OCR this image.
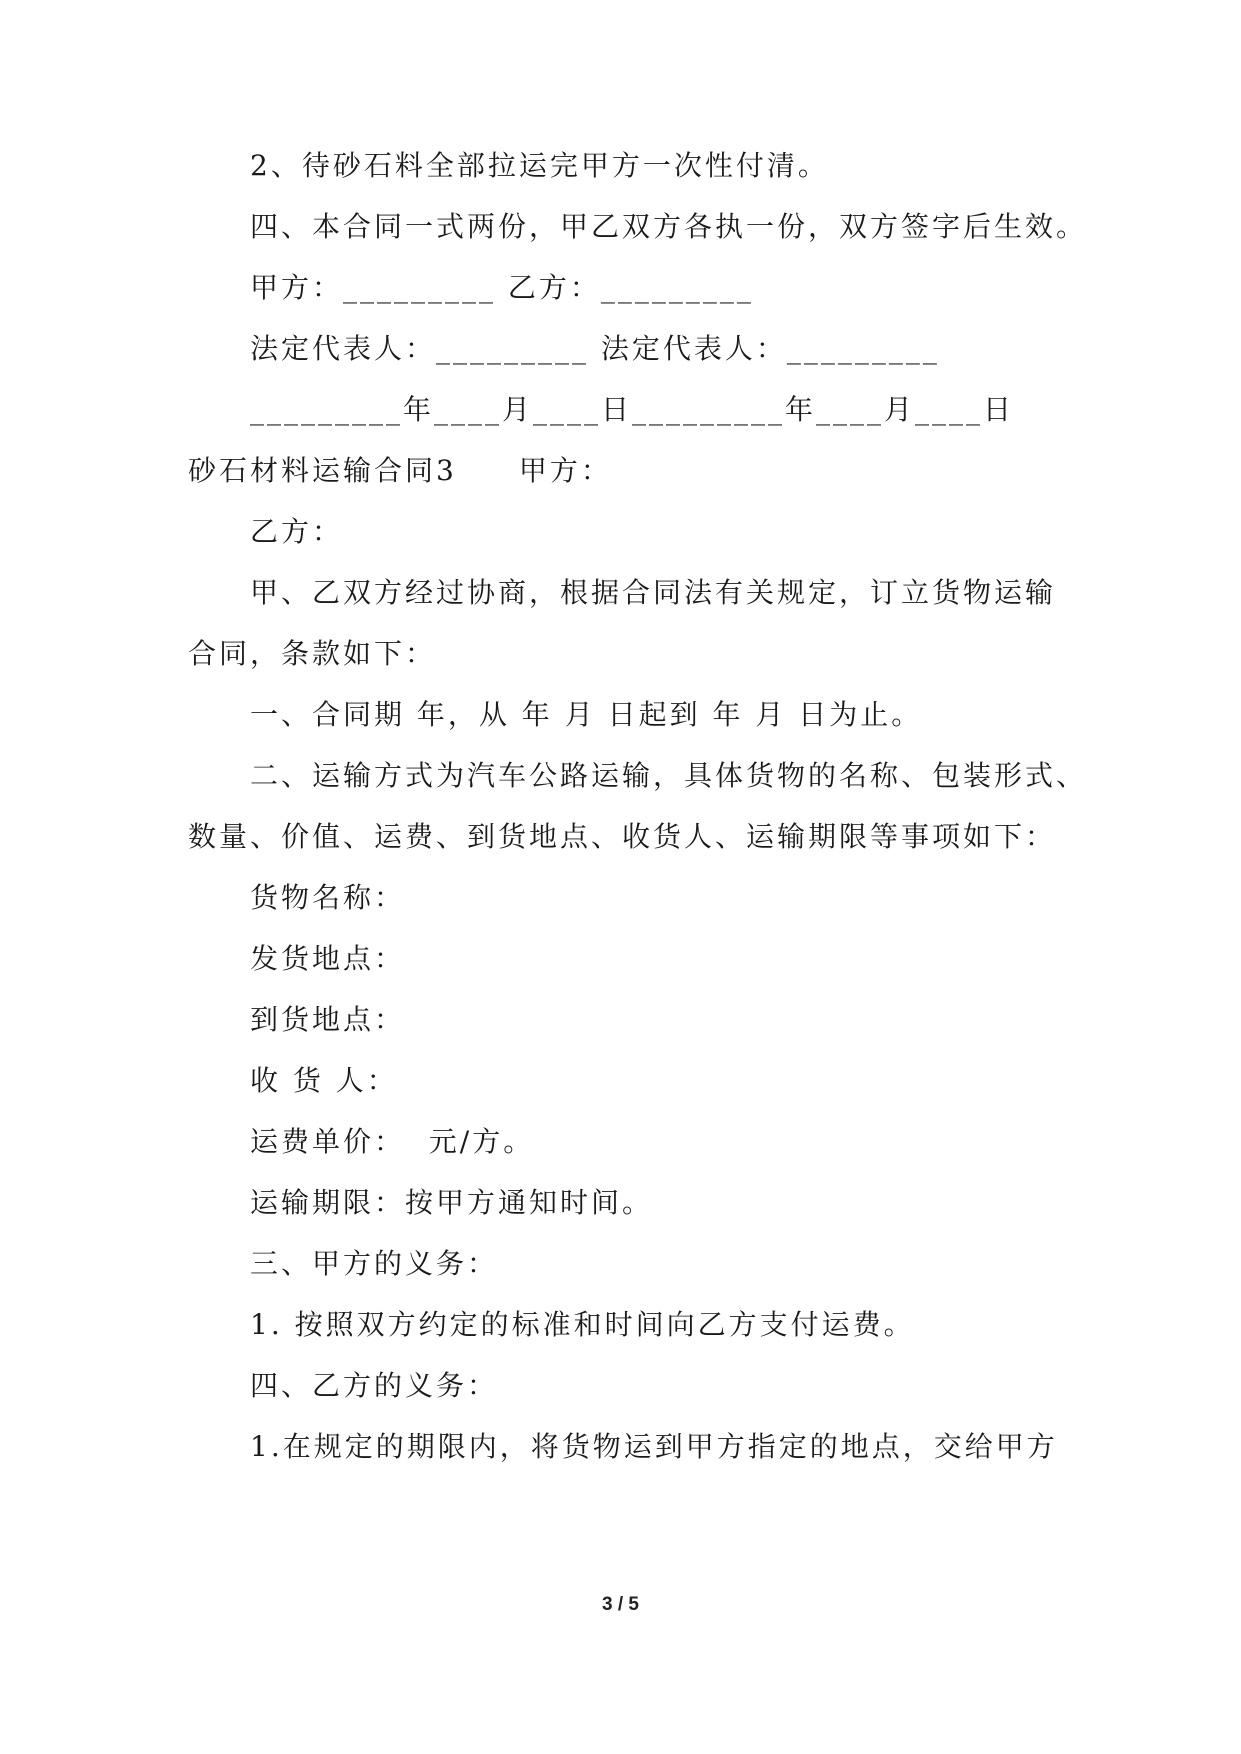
2、待砂石料全部拉运完甲方一次性付清。
四、本合同一式两份，甲乙双方各执一份，双方签字后生效。
甲方：_________ 乙方：_________
法定代表人：_________ 法定代表人：_________
_________年____月____日_________年____月____日
砂石材料运输合同3　　甲方：
乙方：
甲、乙双方经过协商，根据合同法有关规定，订立货物运输
合同，条款如下：
一、合同期 年，从 年 月 日起到 年 月 日为止。
二、运输方式为汽车公路运输，具体货物的名称、包装形式、
数量、价值、运费、到货地点、收货人、运输期限等事项如下：
货物名称：
发货地点：
到货地点：
收 货 人：
运费单价：  元/方。
运输期限：按甲方通知时间。
三、甲方的义务：
1. 按照双方约定的标准和时间向乙方支付运费。
四、乙方的义务：
1.在规定的期限内，将货物运到甲方指定的地点，交给甲方
3 / 5
